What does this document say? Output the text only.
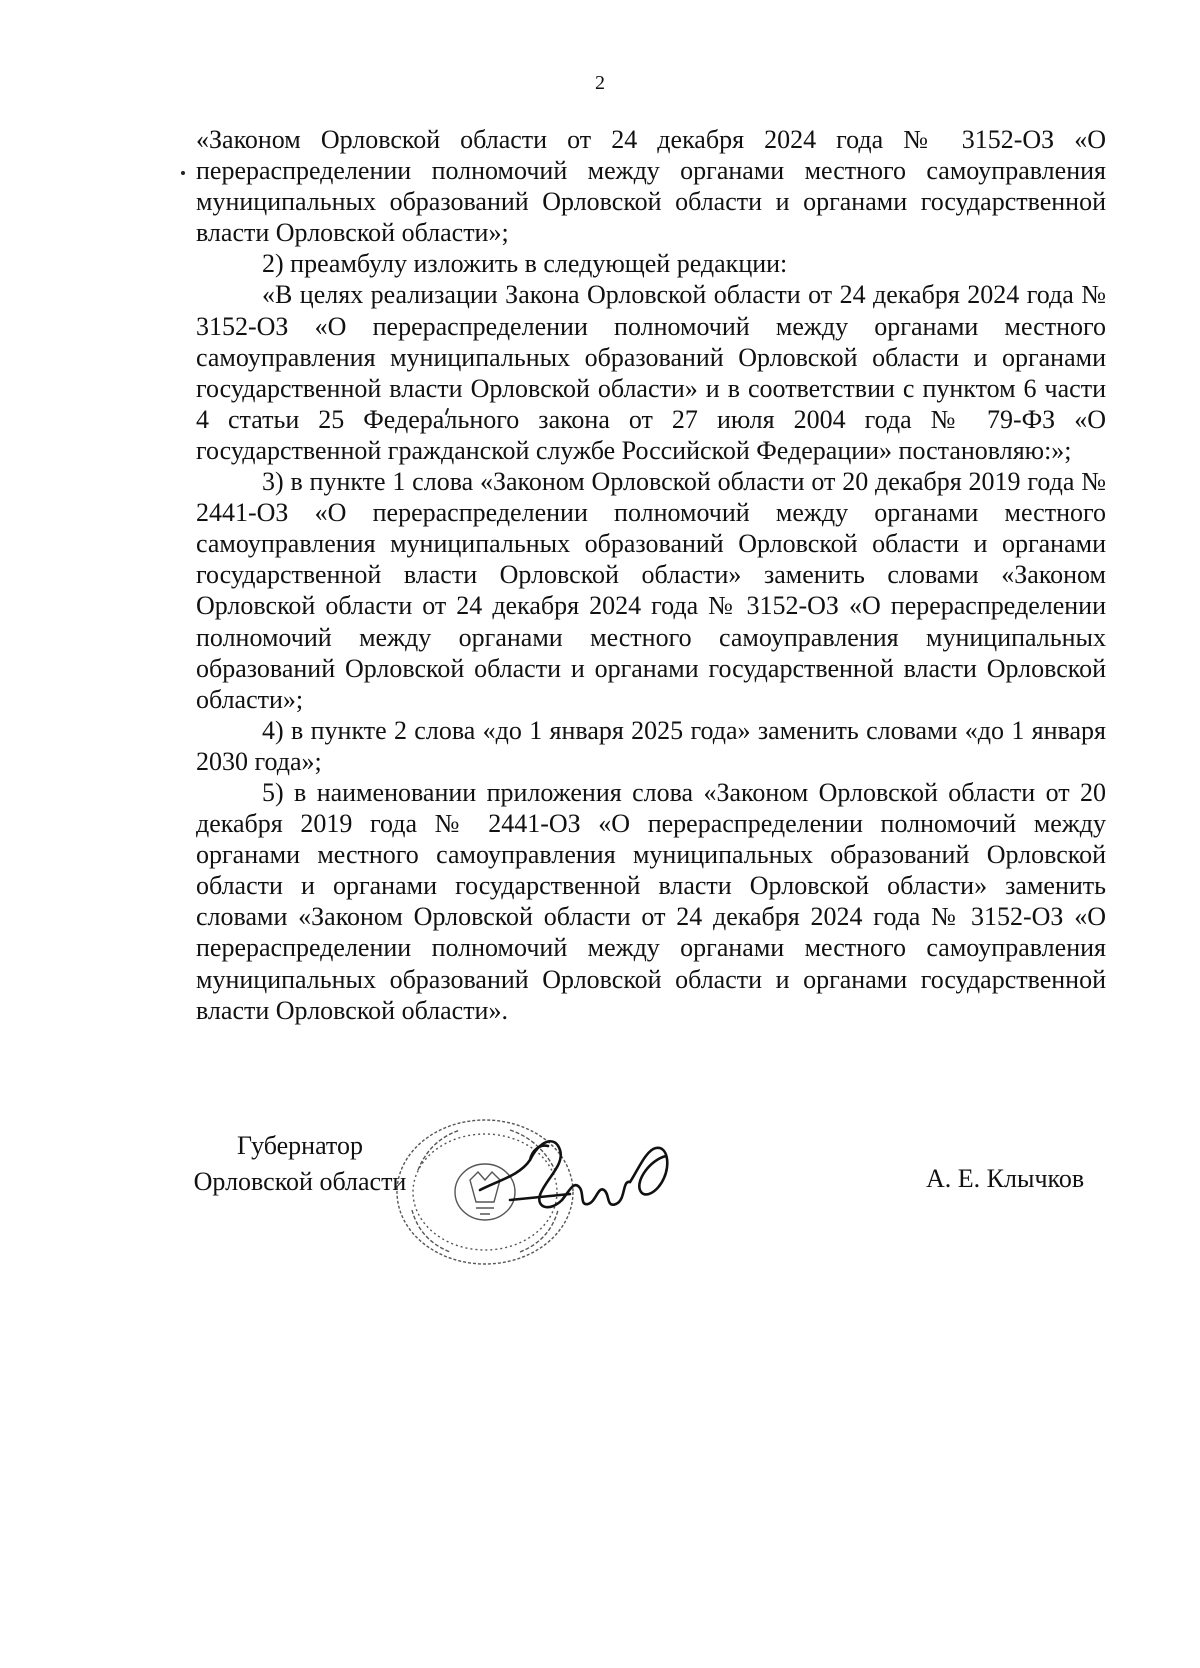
2

«Законом Орловской области от 24 декабря 2024 года № 3152-ОЗ «О перераспределении полномочий между органами местного самоуправления муниципальных образований Орловской области и органами государственной власти Орловской области»;

2) преамбулу изложить в следующей редакции:

«В целях реализации Закона Орловской области от 24 декабря 2024 года № 3152-ОЗ «О перераспределении полномочий между органами местного самоуправления муниципальных образований Орловской области и органами государственной власти Орловской области» и в соответствии с пунктом 6 части 4 статьи 25 Федерального закона от 27 июля 2004 года № 79-ФЗ «О государственной гражданской службе Российской Федерации» постановляю:»;

3) в пункте 1 слова «Законом Орловской области от 20 декабря 2019 года № 2441-ОЗ «О перераспределении полномочий между органами местного самоуправления муниципальных образований Орловской области и органами государственной власти Орловской области» заменить словами «Законом Орловской области от 24 декабря 2024 года № 3152-ОЗ «О перераспределении полномочий между органами местного самоуправления муниципальных образований Орловской области и органами государственной власти Орловской области»;

4) в пункте 2 слова «до 1 января 2025 года» заменить словами «до 1 января 2030 года»;

5) в наименовании приложения слова «Законом Орловской области от 20 декабря 2019 года № 2441-ОЗ «О перераспределении полномочий между органами местного самоуправления муниципальных образований Орловской области и органами государственной власти Орловской области» заменить словами «Законом Орловской области от 24 декабря 2024 года № 3152-ОЗ «О перераспределении полномочий между органами местного самоуправления муниципальных образований Орловской области и органами государственной власти Орловской области».

Губернатор
Орловской области	А. Е. Клычков
